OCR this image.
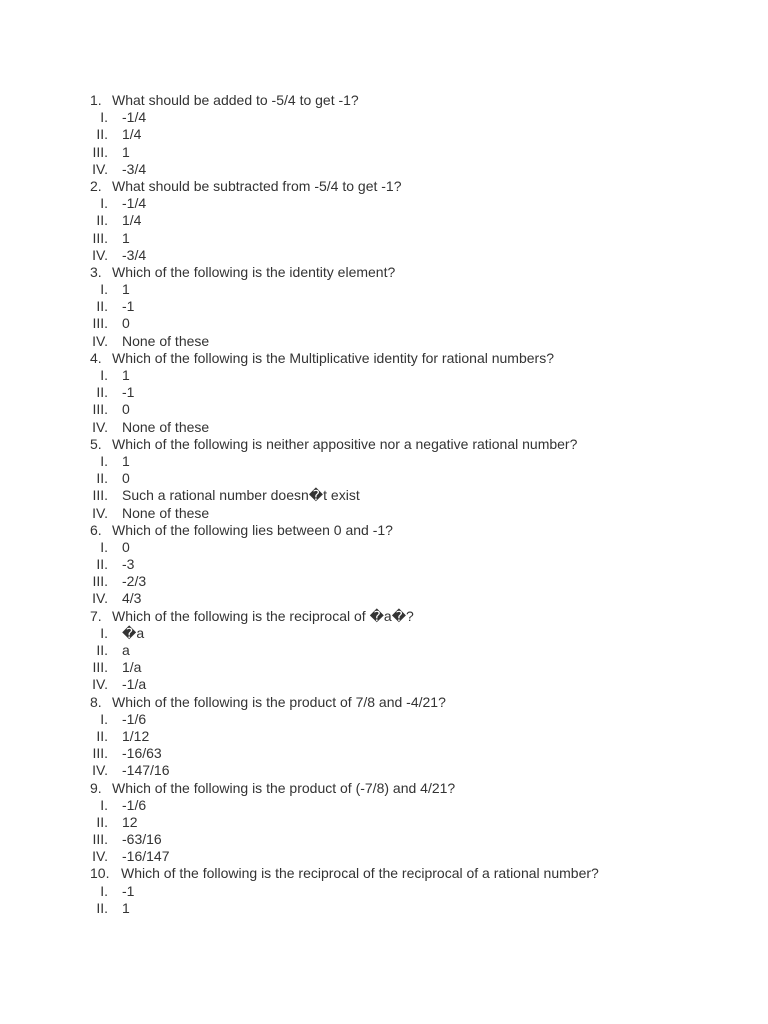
1. What should be added to -5/4 to get -1?
I. -1/4
II. 1/4
III. 1
IV. -3/4
2. What should be subtracted from -5/4 to get -1?
I. -1/4
II. 1/4
III. 1
IV. -3/4
3. Which of the following is the identity element?
I. 1
II. -1
III. 0
IV. None of these
4. Which of the following is the Multiplicative identity for rational numbers?
I. 1
II. -1
III. 0
IV. None of these
5. Which of the following is neither appositive nor a negative rational number?
I. 1
II. 0
III. Such a rational number doesn�t exist
IV. None of these
6. Which of the following lies between 0 and -1?
I. 0
II. -3
III. -2/3
IV. 4/3
7. Which of the following is the reciprocal of �a�?
I. �a
II. a
III. 1/a
IV. -1/a
8. Which of the following is the product of 7/8 and -4/21?
I. -1/6
II. 1/12
III. -16/63
IV. -147/16
9. Which of the following is the product of (-7/8) and 4/21?
I. -1/6
II. 12
III. -63/16
IV. -16/147
10. Which of the following is the reciprocal of the reciprocal of a rational number?
I. -1
II. 1
